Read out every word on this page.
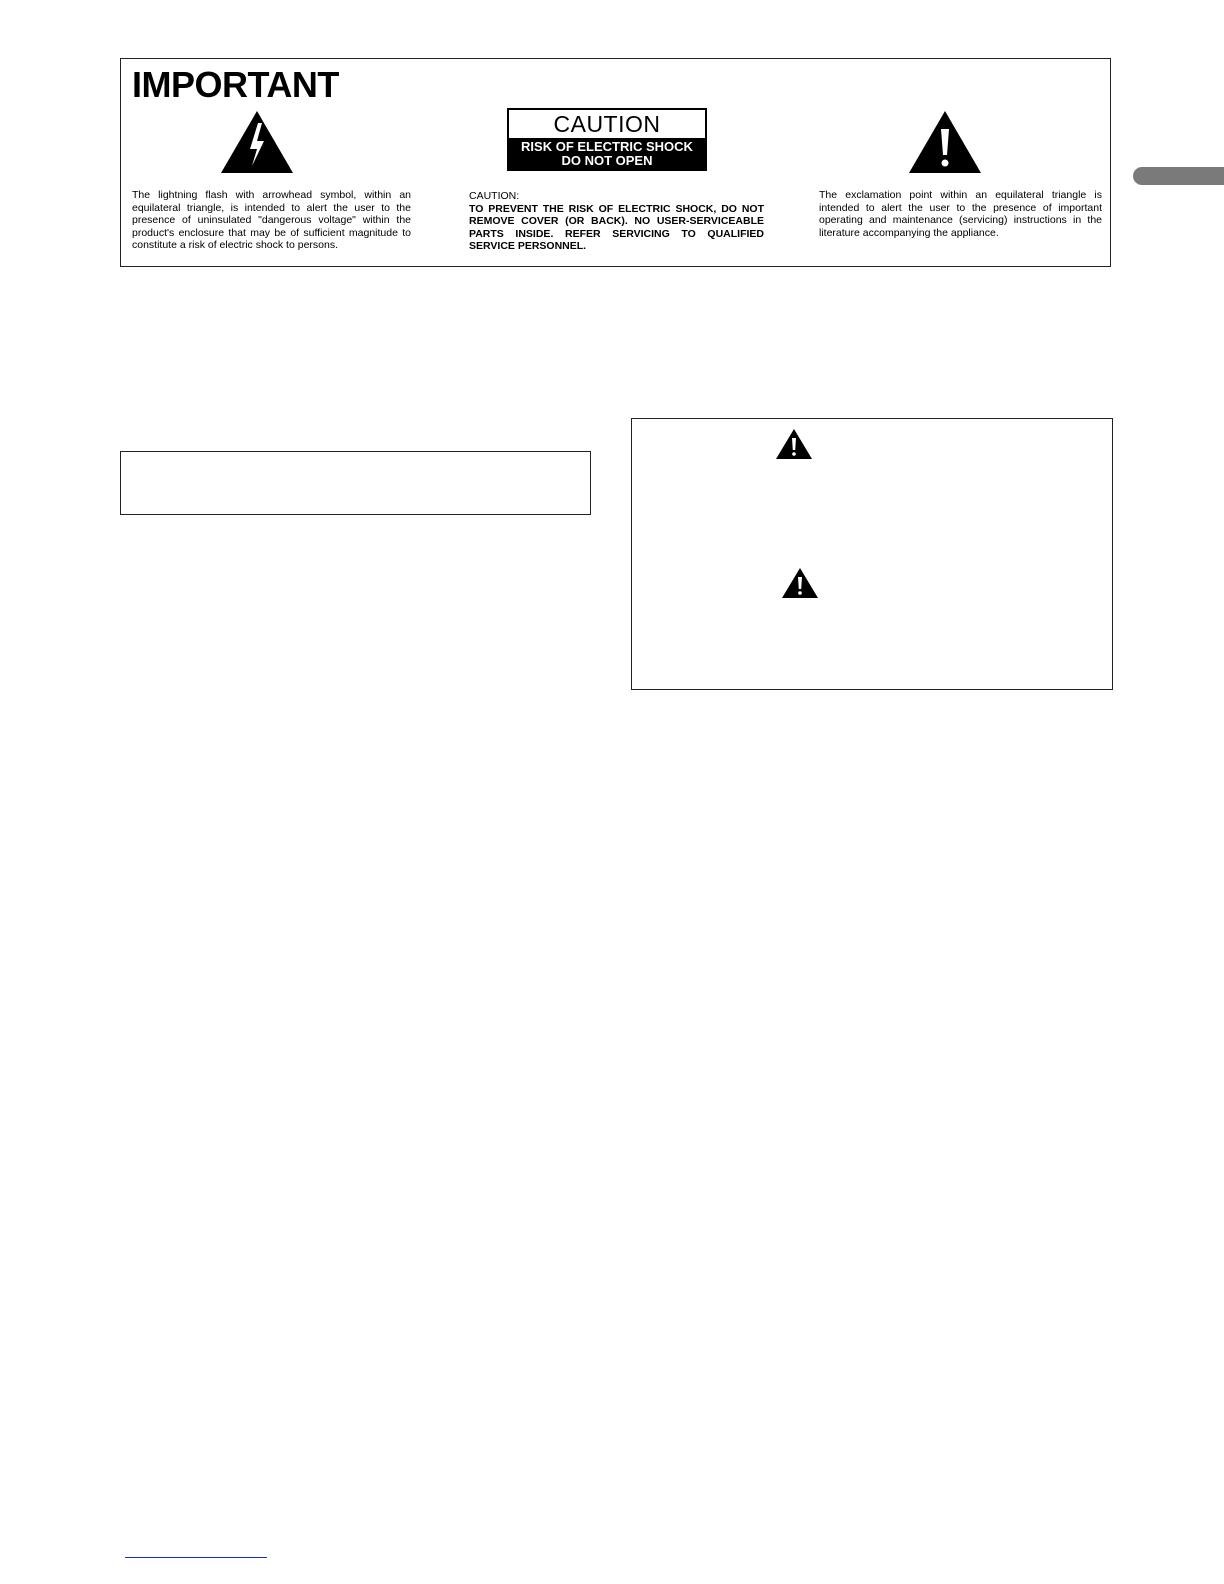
IMPORTANT

The lightning flash with arrowhead symbol, within an equilateral triangle, is intended to alert the user to the presence of uninsulated "dangerous voltage" within the product's enclosure that may be of sufficient magnitude to constitute a risk of electric shock to persons.

CAUTION
RISK OF ELECTRIC SHOCK
DO NOT OPEN
CAUTION:
TO PREVENT THE RISK OF ELECTRIC SHOCK, DO NOT REMOVE COVER (OR BACK). NO USER-SERVICEABLE PARTS INSIDE. REFER SERVICING TO QUALIFIED SERVICE PERSONNEL.

The exclamation point within an equilateral triangle is intended to alert the user to the presence of important operating and maintenance (servicing) instructions in the literature accompanying the appliance.
